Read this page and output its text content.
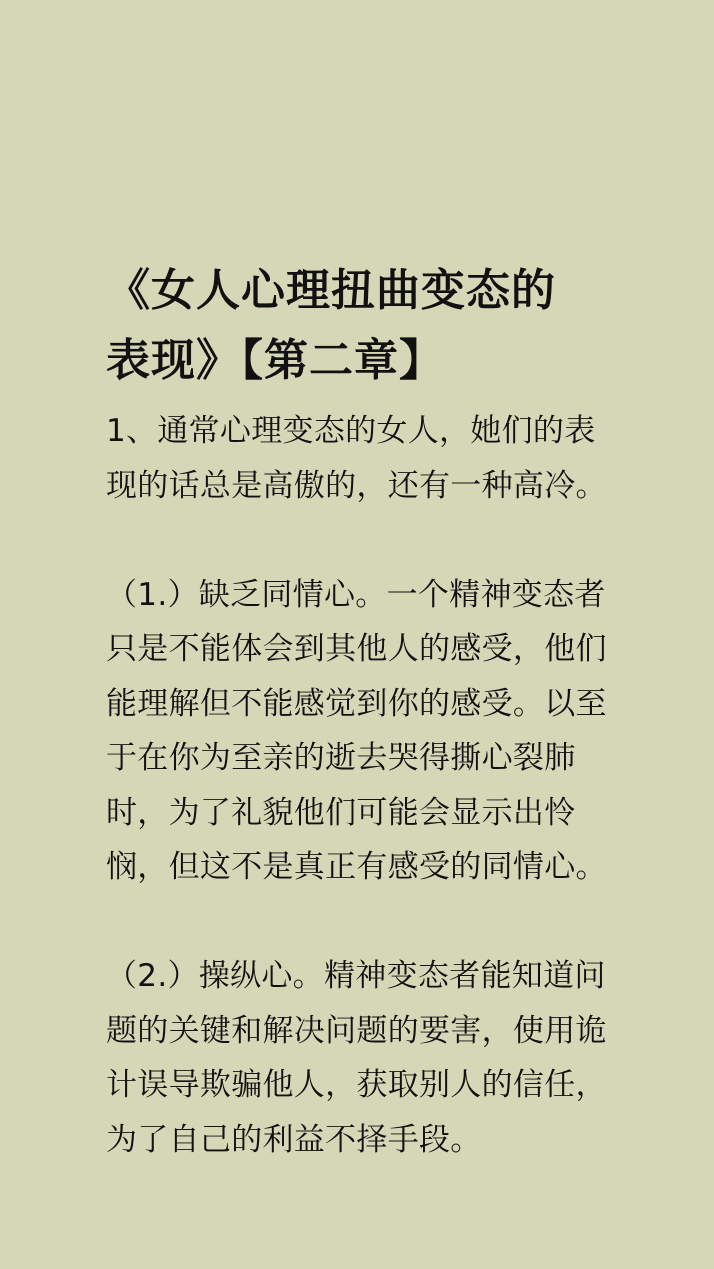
《女人心理扭曲变态的
表现》【第二章】

1、通常心理变态的女人，她们的表
现的话总是高傲的，还有一种高冷。

（1.）缺乏同情心。一个精神变态者
只是不能体会到其他人的感受，他们
能理解但不能感觉到你的感受。以至
于在你为至亲的逝去哭得撕心裂肺
时，为了礼貌他们可能会显示出怜
悯，但这不是真正有感受的同情心。

（2.）操纵心。精神变态者能知道问
题的关键和解决问题的要害，使用诡
计误导欺骗他人，获取别人的信任，
为了自己的利益不择手段。
